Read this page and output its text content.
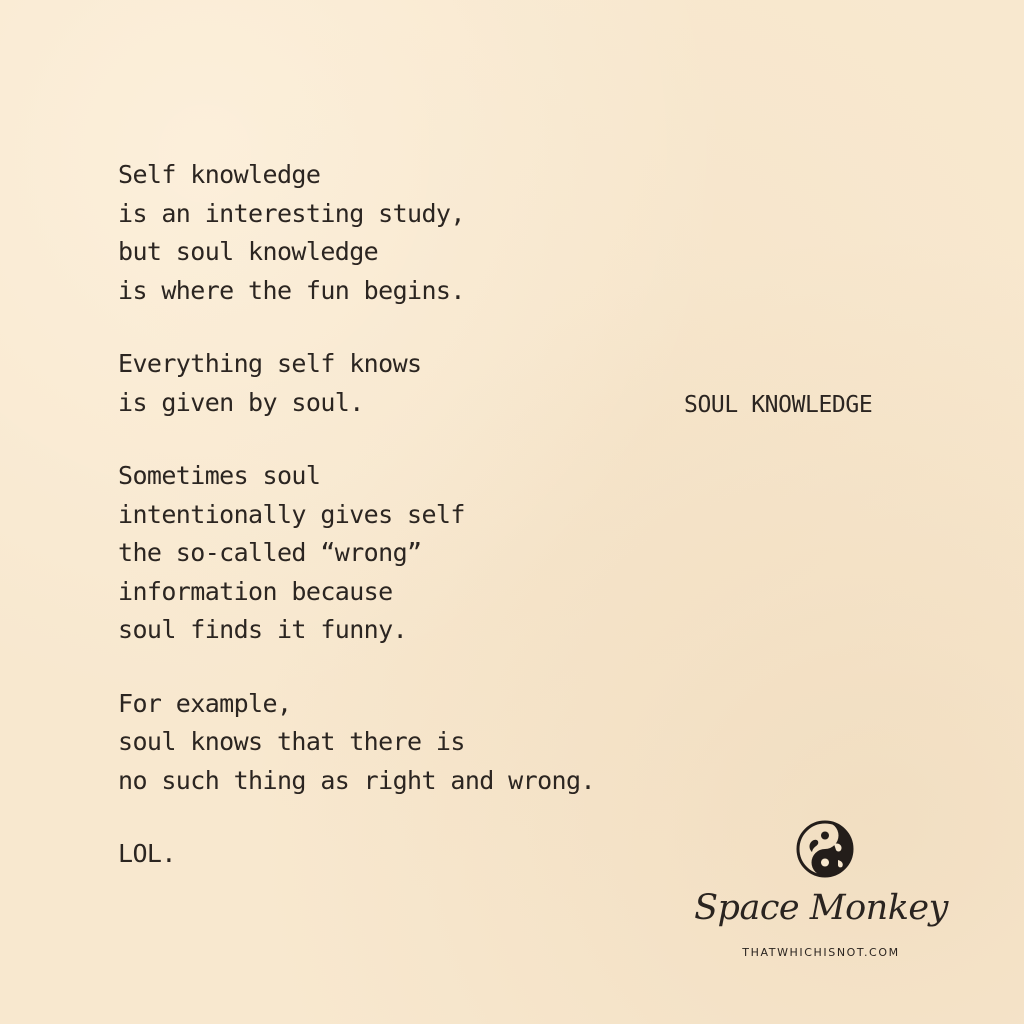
Self knowledge
is an interesting study,
but soul knowledge
is where the fun begins.
Everything self knows
is given by soul.
Sometimes soul
intentionally gives self
the so-called “wrong”
information because
soul finds it funny.
For example,
soul knows that there is
no such thing as right and wrong.
LOL.
SOUL KNOWLEDGE
Space Monkey
THATWHICHISNOT.COM
